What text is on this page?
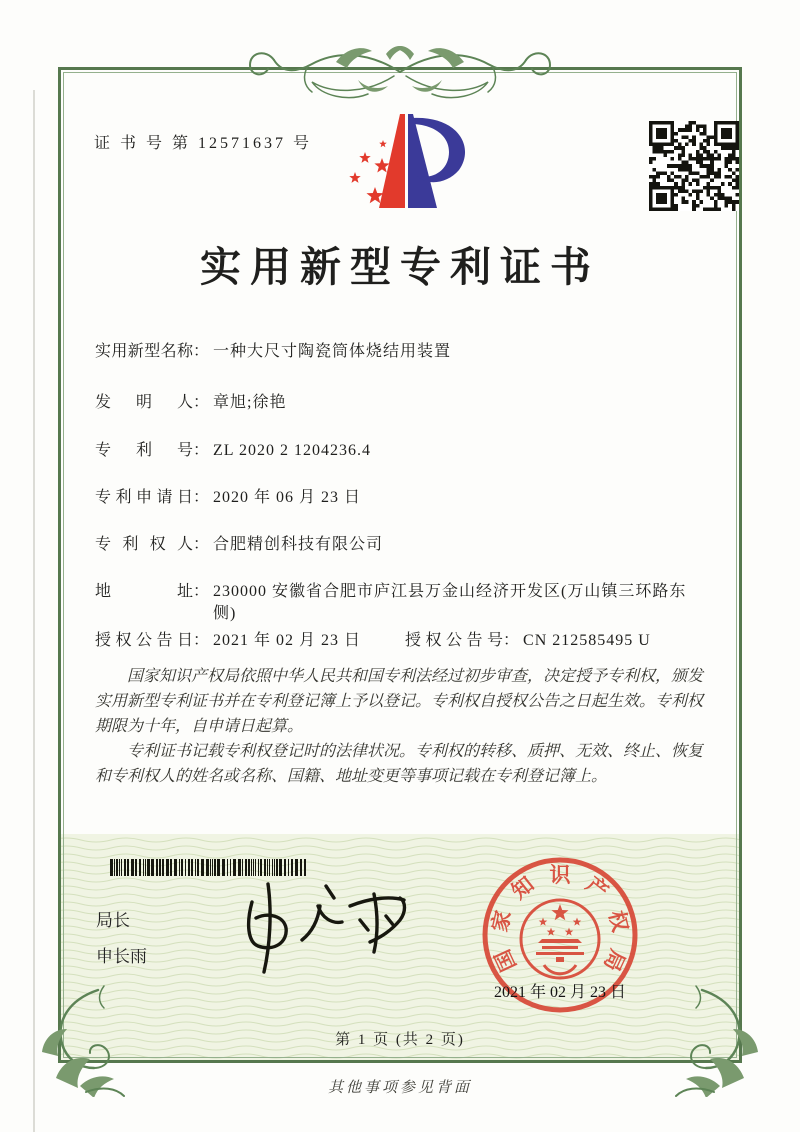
证 书 号 第 12571637 号
实用新型专利证书
实用新型名称： 一种大尺寸陶瓷筒体烧结用装置
发明人： 章旭;徐艳
专利号： ZL 2020 2 1204236.4
专利申请日： 2020 年 06 月 23 日
专利权人： 合肥精创科技有限公司
地址： 230000 安徽省合肥市庐江县万金山经济开发区(万山镇三环路东侧)
授权公告日： 2021 年 02 月 23 日	授权公告号： CN 212585495 U

国家知识产权局依照中华人民共和国专利法经过初步审查，决定授予专利权，颁发实用新型专利证书并在专利登记簿上予以登记。专利权自授权公告之日起生效。专利权期限为十年，自申请日起算。

专利证书记载专利权登记时的法律状况。专利权的转移、质押、无效、终止、恢复和专利权人的姓名或名称、国籍、地址变更等事项记载在专利登记簿上。

局长
申长雨	国
家
知 识 产
权
局
2021 年 02 月 23 日
第 1 页 (共 2 页)
其他事项参见背面
